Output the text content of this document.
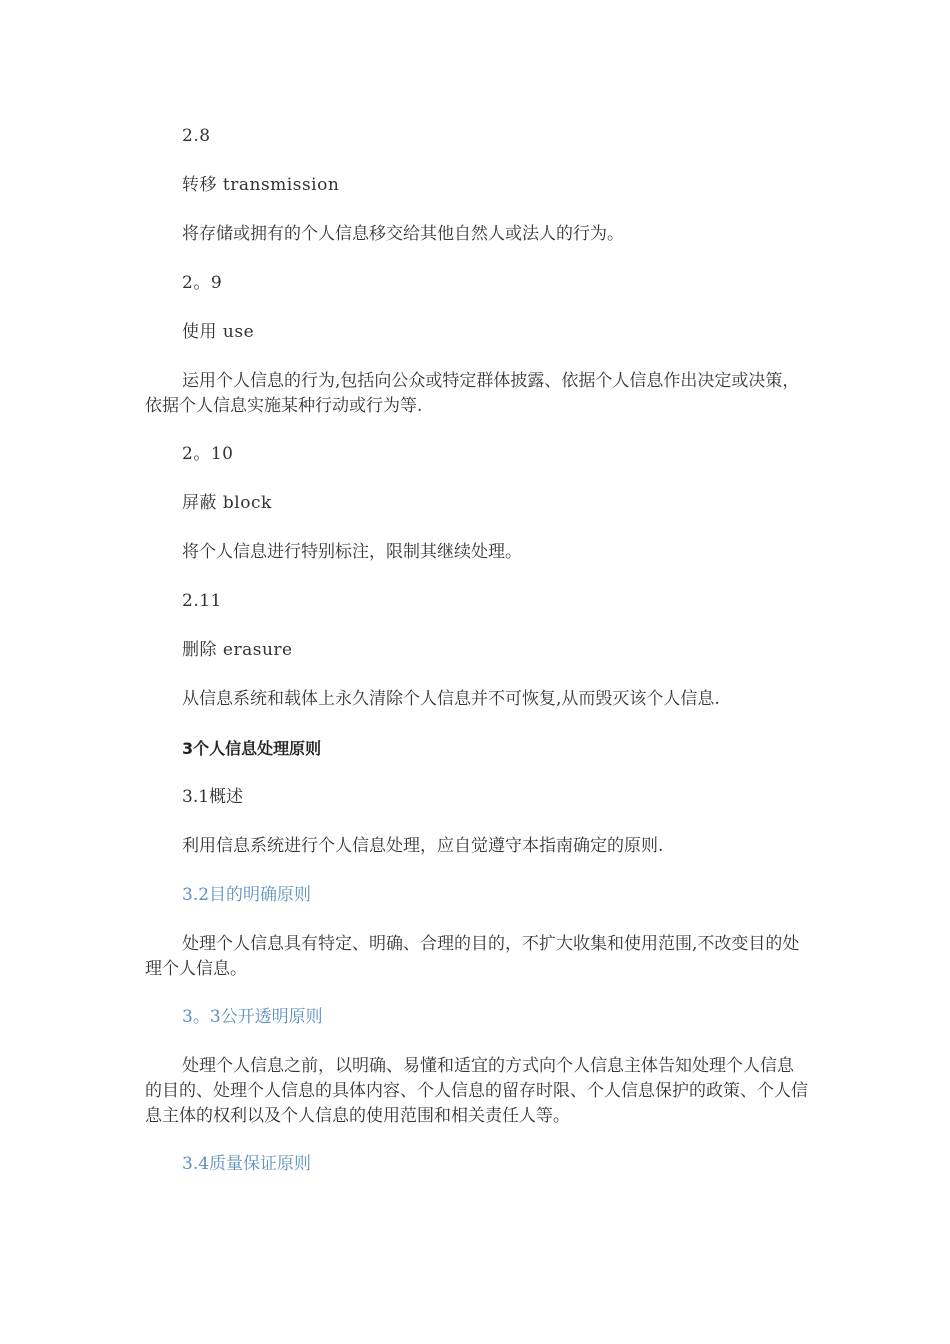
2.8

转移 transmission

将存储或拥有的个人信息移交给其他自然人或法人的行为。

2。9

使用 use

运用个人信息的行为,包括向公众或特定群体披露、依据个人信息作出决定或决策，依据个人信息实施某种行动或行为等.

2。10

屏蔽 block

将个人信息进行特别标注，限制其继续处理。

2.11

删除 erasure

从信息系统和载体上永久清除个人信息并不可恢复,从而毁灭该个人信息.

3个人信息处理原则

3.1概述

利用信息系统进行个人信息处理，应自觉遵守本指南确定的原则.

3.2目的明确原则

处理个人信息具有特定、明确、合理的目的，不扩大收集和使用范围,不改变目的处理个人信息。

3。3公开透明原则

处理个人信息之前，以明确、易懂和适宜的方式向个人信息主体告知处理个人信息的目的、处理个人信息的具体内容、个人信息的留存时限、个人信息保护的政策、个人信息主体的权利以及个人信息的使用范围和相关责任人等。

3.4质量保证原则
